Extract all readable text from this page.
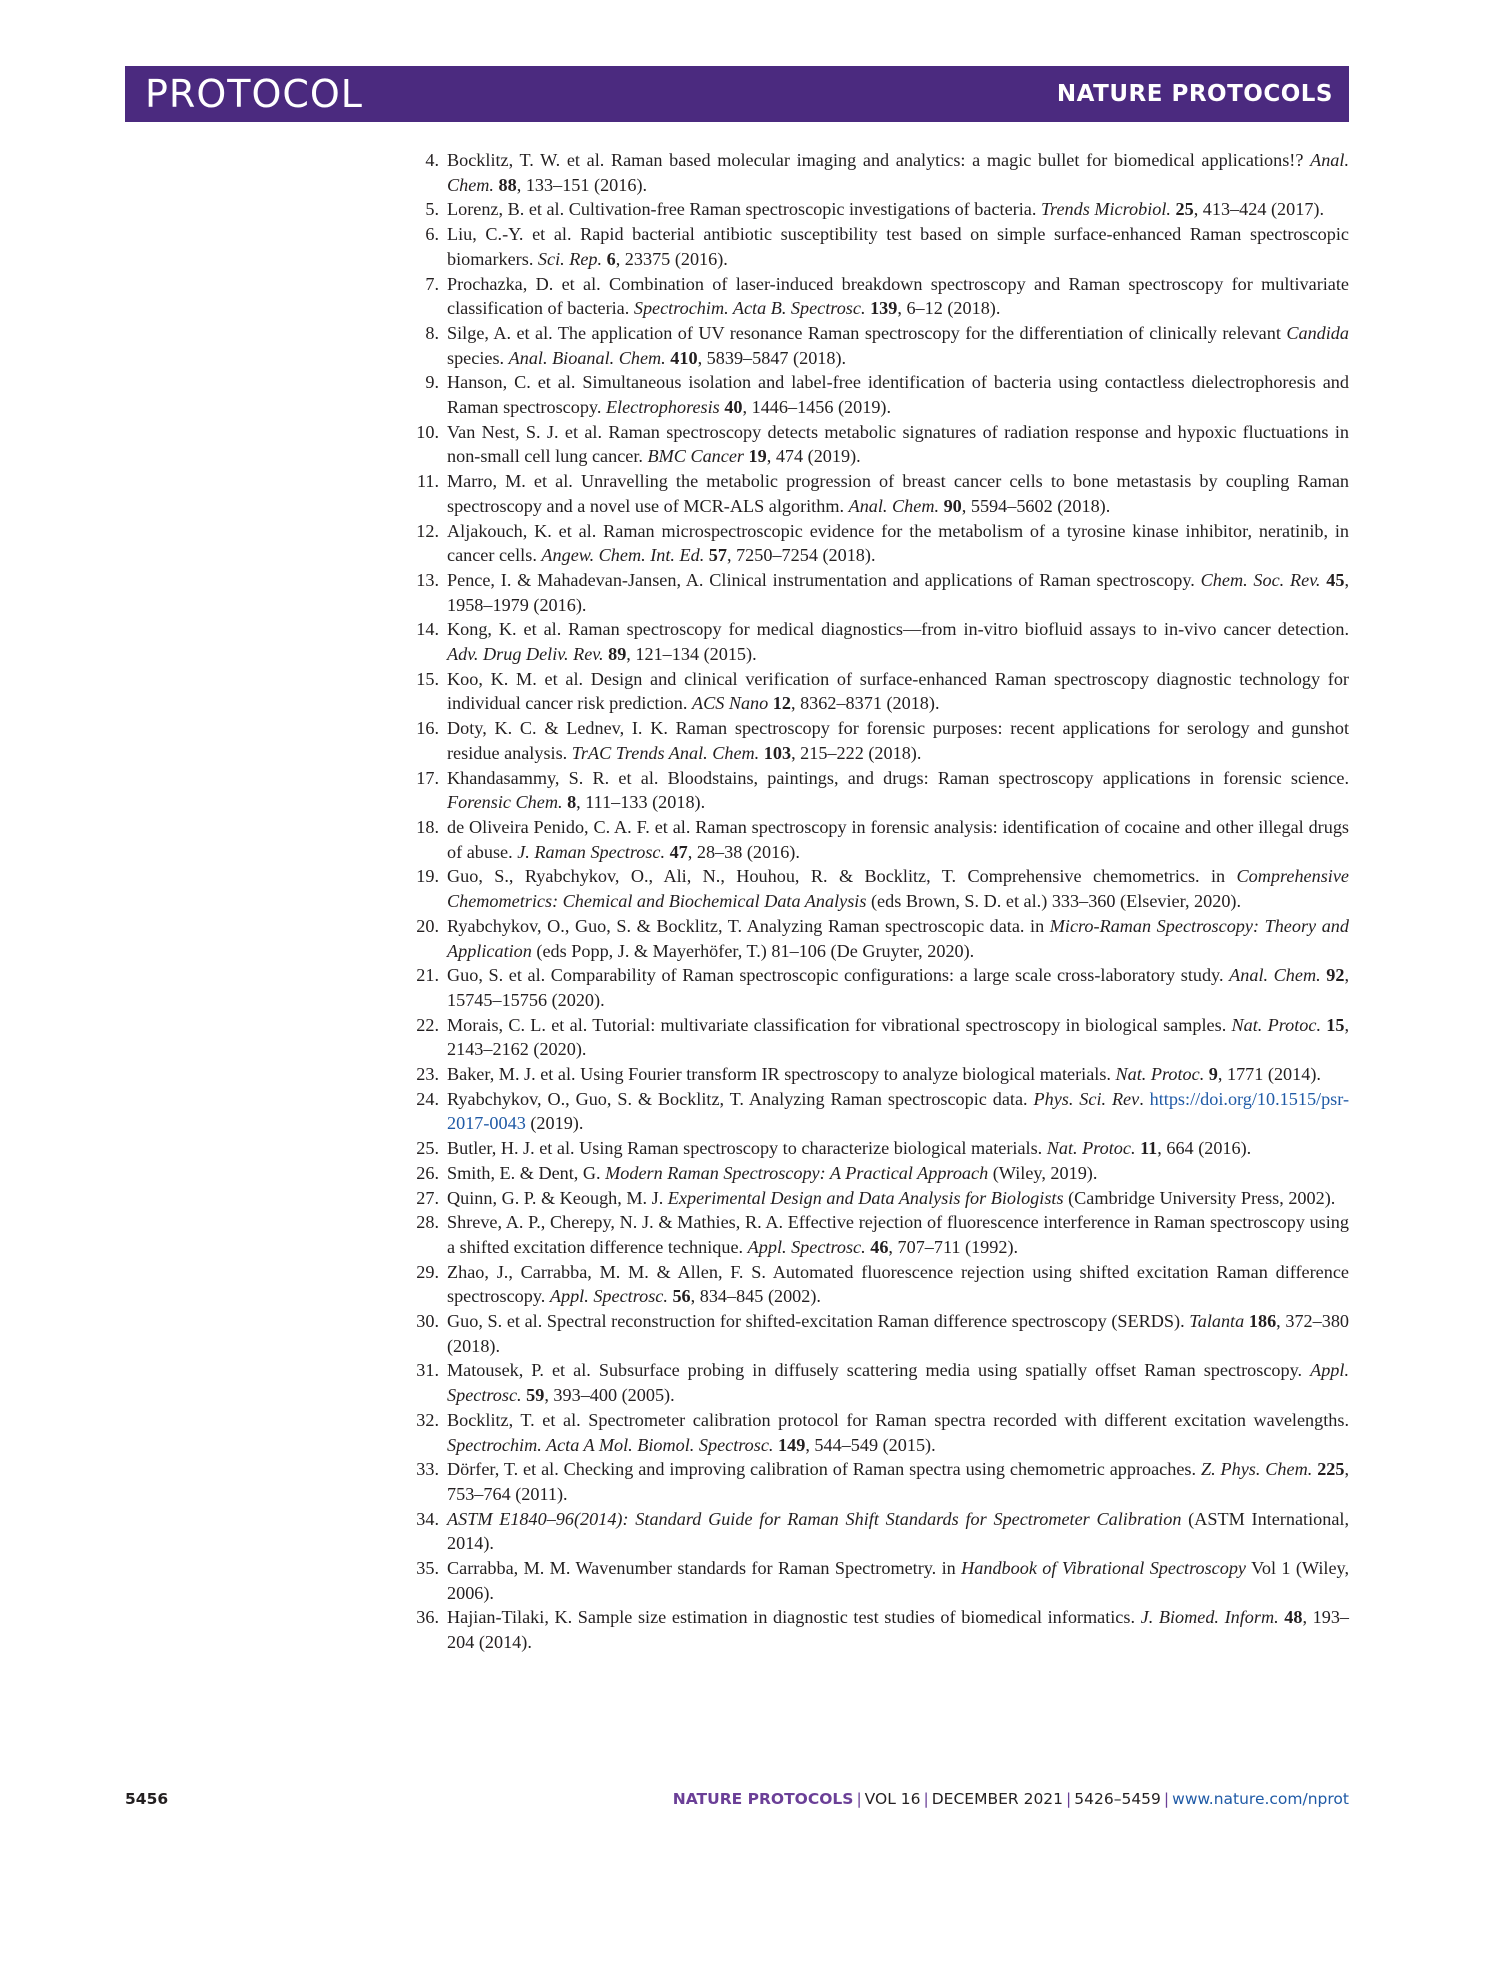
PROTOCOL	NATURE PROTOCOLS
4. Bocklitz, T. W. et al. Raman based molecular imaging and analytics: a magic bullet for biomedical applications!? Anal. Chem. 88, 133–151 (2016).
5. Lorenz, B. et al. Cultivation-free Raman spectroscopic investigations of bacteria. Trends Microbiol. 25, 413–424 (2017).
6. Liu, C.-Y. et al. Rapid bacterial antibiotic susceptibility test based on simple surface-enhanced Raman spectroscopic biomarkers. Sci. Rep. 6, 23375 (2016).
7. Prochazka, D. et al. Combination of laser-induced breakdown spectroscopy and Raman spectroscopy for multivariate classification of bacteria. Spectrochim. Acta B. Spectrosc. 139, 6–12 (2018).
8. Silge, A. et al. The application of UV resonance Raman spectroscopy for the differentiation of clinically relevant Candida species. Anal. Bioanal. Chem. 410, 5839–5847 (2018).
9. Hanson, C. et al. Simultaneous isolation and label-free identification of bacteria using contactless dielectrophoresis and Raman spectroscopy. Electrophoresis 40, 1446–1456 (2019).
10. Van Nest, S. J. et al. Raman spectroscopy detects metabolic signatures of radiation response and hypoxic fluctuations in non-small cell lung cancer. BMC Cancer 19, 474 (2019).
11. Marro, M. et al. Unravelling the metabolic progression of breast cancer cells to bone metastasis by coupling Raman spectroscopy and a novel use of MCR-ALS algorithm. Anal. Chem. 90, 5594–5602 (2018).
12. Aljakouch, K. et al. Raman microspectroscopic evidence for the metabolism of a tyrosine kinase inhibitor, neratinib, in cancer cells. Angew. Chem. Int. Ed. 57, 7250–7254 (2018).
13. Pence, I. & Mahadevan-Jansen, A. Clinical instrumentation and applications of Raman spectroscopy. Chem. Soc. Rev. 45, 1958–1979 (2016).
14. Kong, K. et al. Raman spectroscopy for medical diagnostics—from in-vitro biofluid assays to in-vivo cancer detection. Adv. Drug Deliv. Rev. 89, 121–134 (2015).
15. Koo, K. M. et al. Design and clinical verification of surface-enhanced Raman spectroscopy diagnostic technology for individual cancer risk prediction. ACS Nano 12, 8362–8371 (2018).
16. Doty, K. C. & Lednev, I. K. Raman spectroscopy for forensic purposes: recent applications for serology and gunshot residue analysis. TrAC Trends Anal. Chem. 103, 215–222 (2018).
17. Khandasammy, S. R. et al. Bloodstains, paintings, and drugs: Raman spectroscopy applications in forensic science. Forensic Chem. 8, 111–133 (2018).
18. de Oliveira Penido, C. A. F. et al. Raman spectroscopy in forensic analysis: identification of cocaine and other illegal drugs of abuse. J. Raman Spectrosc. 47, 28–38 (2016).
19. Guo, S., Ryabchykov, O., Ali, N., Houhou, R. & Bocklitz, T. Comprehensive chemometrics. in Comprehensive Chemometrics: Chemical and Biochemical Data Analysis (eds Brown, S. D. et al.) 333–360 (Elsevier, 2020).
20. Ryabchykov, O., Guo, S. & Bocklitz, T. Analyzing Raman spectroscopic data. in Micro-Raman Spectroscopy: Theory and Application (eds Popp, J. & Mayerhöfer, T.) 81–106 (De Gruyter, 2020).
21. Guo, S. et al. Comparability of Raman spectroscopic configurations: a large scale cross-laboratory study. Anal. Chem. 92, 15745–15756 (2020).
22. Morais, C. L. et al. Tutorial: multivariate classification for vibrational spectroscopy in biological samples. Nat. Protoc. 15, 2143–2162 (2020).
23. Baker, M. J. et al. Using Fourier transform IR spectroscopy to analyze biological materials. Nat. Protoc. 9, 1771 (2014).
24. Ryabchykov, O., Guo, S. & Bocklitz, T. Analyzing Raman spectroscopic data. Phys. Sci. Rev. https://doi.org/10.1515/psr-2017-0043 (2019).
25. Butler, H. J. et al. Using Raman spectroscopy to characterize biological materials. Nat. Protoc. 11, 664 (2016).
26. Smith, E. & Dent, G. Modern Raman Spectroscopy: A Practical Approach (Wiley, 2019).
27. Quinn, G. P. & Keough, M. J. Experimental Design and Data Analysis for Biologists (Cambridge University Press, 2002).
28. Shreve, A. P., Cherepy, N. J. & Mathies, R. A. Effective rejection of fluorescence interference in Raman spectroscopy using a shifted excitation difference technique. Appl. Spectrosc. 46, 707–711 (1992).
29. Zhao, J., Carrabba, M. M. & Allen, F. S. Automated fluorescence rejection using shifted excitation Raman difference spectroscopy. Appl. Spectrosc. 56, 834–845 (2002).
30. Guo, S. et al. Spectral reconstruction for shifted-excitation Raman difference spectroscopy (SERDS). Talanta 186, 372–380 (2018).
31. Matousek, P. et al. Subsurface probing in diffusely scattering media using spatially offset Raman spectroscopy. Appl. Spectrosc. 59, 393–400 (2005).
32. Bocklitz, T. et al. Spectrometer calibration protocol for Raman spectra recorded with different excitation wavelengths. Spectrochim. Acta A Mol. Biomol. Spectrosc. 149, 544–549 (2015).
33. Dörfer, T. et al. Checking and improving calibration of Raman spectra using chemometric approaches. Z. Phys. Chem. 225, 753–764 (2011).
34. ASTM E1840–96(2014): Standard Guide for Raman Shift Standards for Spectrometer Calibration (ASTM International, 2014).
35. Carrabba, M. M. Wavenumber standards for Raman Spectrometry. in Handbook of Vibrational Spectroscopy Vol 1 (Wiley, 2006).
36. Hajian-Tilaki, K. Sample size estimation in diagnostic test studies of biomedical informatics. J. Biomed. Inform. 48, 193–204 (2014).
5456	NATURE PROTOCOLS | VOL 16 | DECEMBER 2021 | 5426–5459 | www.nature.com/nprot
